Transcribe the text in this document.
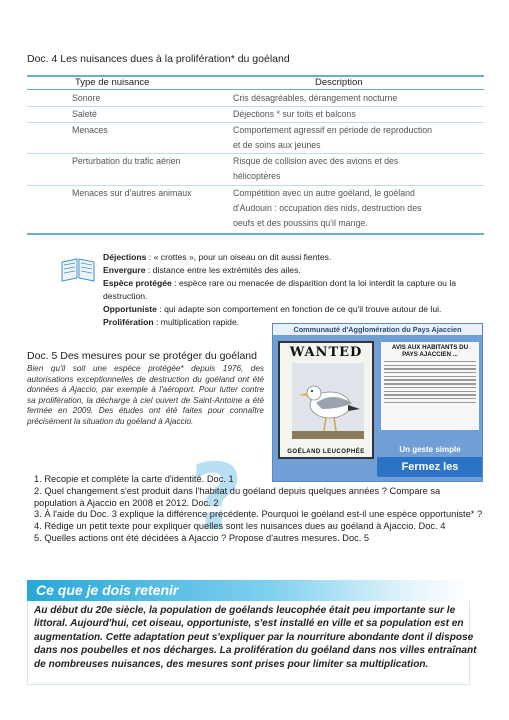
Doc. 4 Les nuisances dues à la prolifération* du goéland
Type de nuisance	Description
Sonore	Cris désagréables, dérangement nocturne
Saleté	Déjections * sur toits et balcons
Menaces	Comportement agressif en période de reproduction
et de soins aux jeunes
Perturbation du trafic aérien	Risque de collision avec des avions et des
hélicoptères
Menaces sur d'autres animaux	Compétition avec un autre goéland, le goéland
d'Audouin : occupation des nids, destruction des
oeufs et des poussins qu'il mange.
Déjections : « crottes », pour un oiseau on dit aussi fientes.
Envergure : distance entre les extrémités des ailes.
Espèce protégée : espèce rare ou menacée de disparition dont la loi interdit la capture ou la
destruction.
Opportuniste : qui adapte son comportement en fonction de ce qu'il trouve autour de lui.
Prolifération : multiplication rapide.
Doc. 5 Des mesures pour se protéger du goéland
Bien qu'il soit une espèce protégée* depuis 1976, des autorisations exceptionnelles de destruction du goéland ont été données à Ajaccio, par exemple à l'aéroport. Pour lutter contre sa prolifération, la décharge à ciel ouvert de Saint-Antoine a été fermée en 2009. Des études ont été faites pour connaître précisément la situation du goéland à Ajaccio.
Communauté d'Agglomération du Pays Ajaccien
WANTED
GOÉLAND LEUCOPHÉE
AVIS AUX HABITANTS DU PAYS AJACCIEN ...
Un geste simple
Fermez les
?

1. Recopie et complète la carte d'identité. Doc. 1

2. Quel changement s'est produit dans l'habitat du goéland depuis quelques années ? Compare sa population à Ajaccio en 2008 et 2012. Doc. 2

3. À l'aide du Doc. 3 explique la différence précédente. Pourquoi le goéland est-il une espèce opportuniste* ?

4. Rédige un petit texte pour expliquer quelles sont les nuisances dues au goéland à Ajaccio. Doc. 4

5. Quelles actions ont été décidées à Ajaccio ? Propose d'autres mesures. Doc. 5

Ce que je dois retenir
Au début du 20e siècle, la population de goélands leucophée était peu importante sur le littoral. Aujourd'hui, cet oiseau, opportuniste, s'est installé en ville et sa population est en augmentation. Cette adaptation peut s'expliquer par la nourriture abondante dont il dispose dans nos poubelles et nos décharges. La prolifération du goéland dans nos villes entraînant de nombreuses nuisances, des mesures sont prises pour limiter sa multiplication.
